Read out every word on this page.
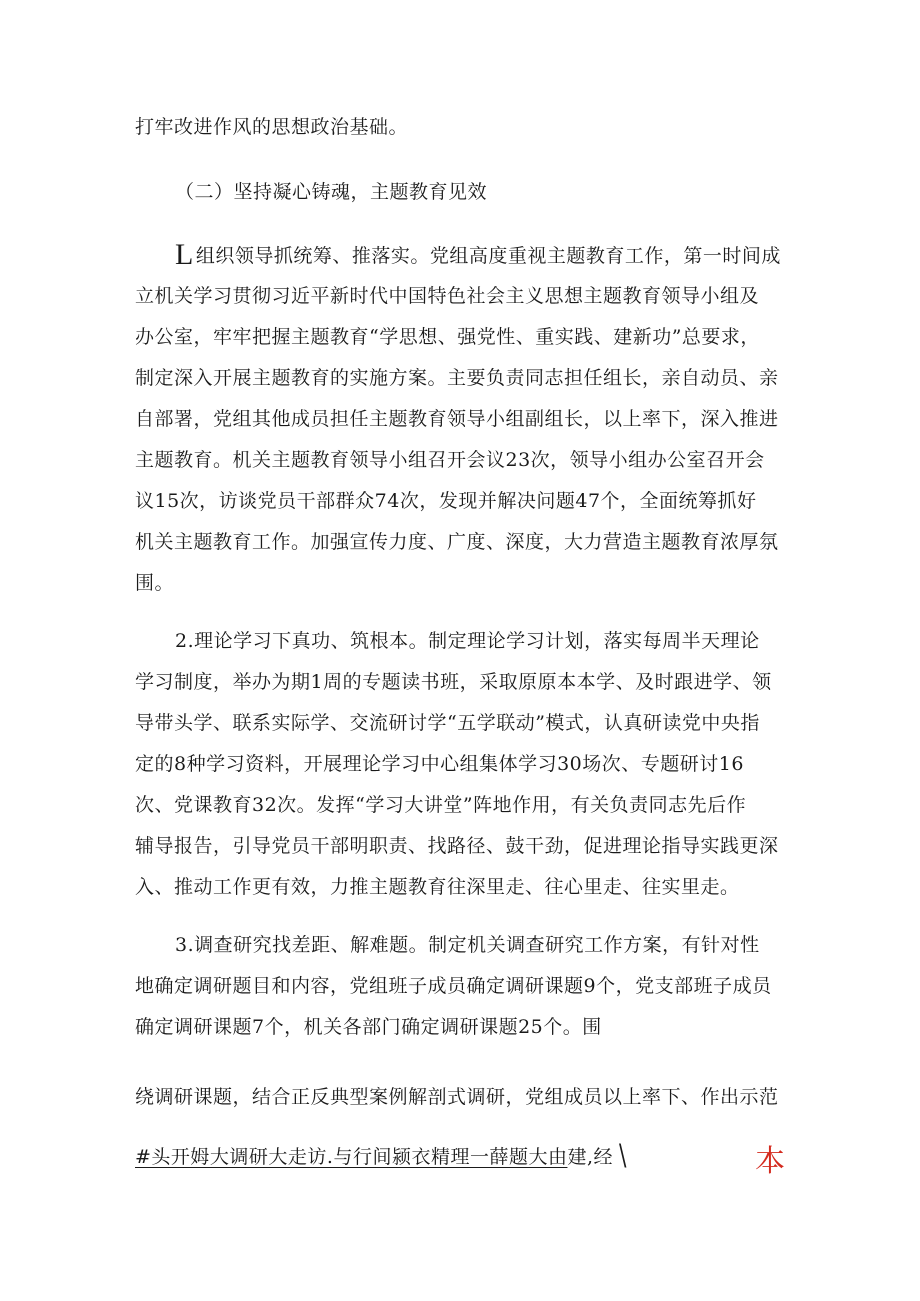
打牢改进作风的思想政治基础。
（二）坚持凝心铸魂，主题教育见效
L组织领导抓统筹、推落实。党组高度重视主题教育工作，第一时间成
立机关学习贯彻习近平新时代中国特色社会主义思想主题教育领导小组及
办公室，牢牢把握主题教育“学思想、强党性、重实践、建新功”总要求，
制定深入开展主题教育的实施方案。主要负责同志担任组长，亲自动员、亲
自部署，党组其他成员担任主题教育领导小组副组长，以上率下，深入推进
主题教育。机关主题教育领导小组召开会议23次，领导小组办公室召开会
议15次，访谈党员干部群众74次，发现并解决问题47个，全面统筹抓好
机关主题教育工作。加强宣传力度、广度、深度，大力营造主题教育浓厚氛
围。
2.理论学习下真功、筑根本。制定理论学习计划，落实每周半天理论
学习制度，举办为期1周的专题读书班，采取原原本本学、及时跟进学、领
导带头学、联系实际学、交流研讨学“五学联动”模式，认真研读党中央指
定的8种学习资料，开展理论学习中心组集体学习30场次、专题研讨16
次、党课教育32次。发挥“学习大讲堂”阵地作用，有关负责同志先后作
辅导报告，引导党员干部明职责、找路径、鼓干劲，促进理论指导实践更深
入、推动工作更有效，力推主题教育往深里走、往心里走、往实里走。
3.调查研究找差距、解难题。制定机关调查研究工作方案，有针对性
地确定调研题目和内容，党组班子成员确定调研课题9个，党支部班子成员
确定调研课题7个，机关各部门确定调研课题25个。围
绕调研课题，结合正反典型案例解剖式调研，党组成员以上率下、作出示范
#头开姆大调研大走访.与行间颍衣精理一薛题大由建,经 \	本
